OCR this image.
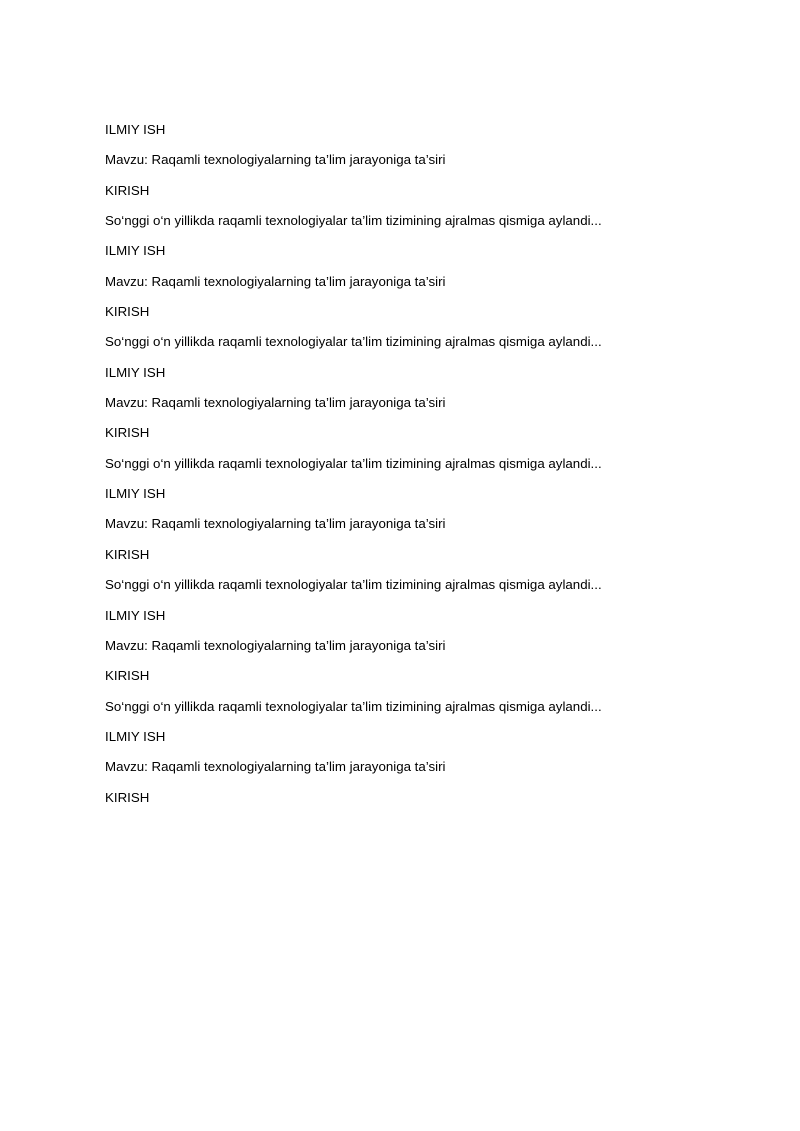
ILMIY ISH

Mavzu: Raqamli texnologiyalarning ta’lim jarayoniga ta’siri

KIRISH

So‘nggi o‘n yillikda raqamli texnologiyalar ta’lim tizimining ajralmas qismiga aylandi...

ILMIY ISH

Mavzu: Raqamli texnologiyalarning ta’lim jarayoniga ta’siri

KIRISH

So‘nggi o‘n yillikda raqamli texnologiyalar ta’lim tizimining ajralmas qismiga aylandi...

ILMIY ISH

Mavzu: Raqamli texnologiyalarning ta’lim jarayoniga ta’siri

KIRISH

So‘nggi o‘n yillikda raqamli texnologiyalar ta’lim tizimining ajralmas qismiga aylandi...

ILMIY ISH

Mavzu: Raqamli texnologiyalarning ta’lim jarayoniga ta’siri

KIRISH

So‘nggi o‘n yillikda raqamli texnologiyalar ta’lim tizimining ajralmas qismiga aylandi...

ILMIY ISH

Mavzu: Raqamli texnologiyalarning ta’lim jarayoniga ta’siri

KIRISH

So‘nggi o‘n yillikda raqamli texnologiyalar ta’lim tizimining ajralmas qismiga aylandi...

ILMIY ISH

Mavzu: Raqamli texnologiyalarning ta’lim jarayoniga ta’siri

KIRISH
